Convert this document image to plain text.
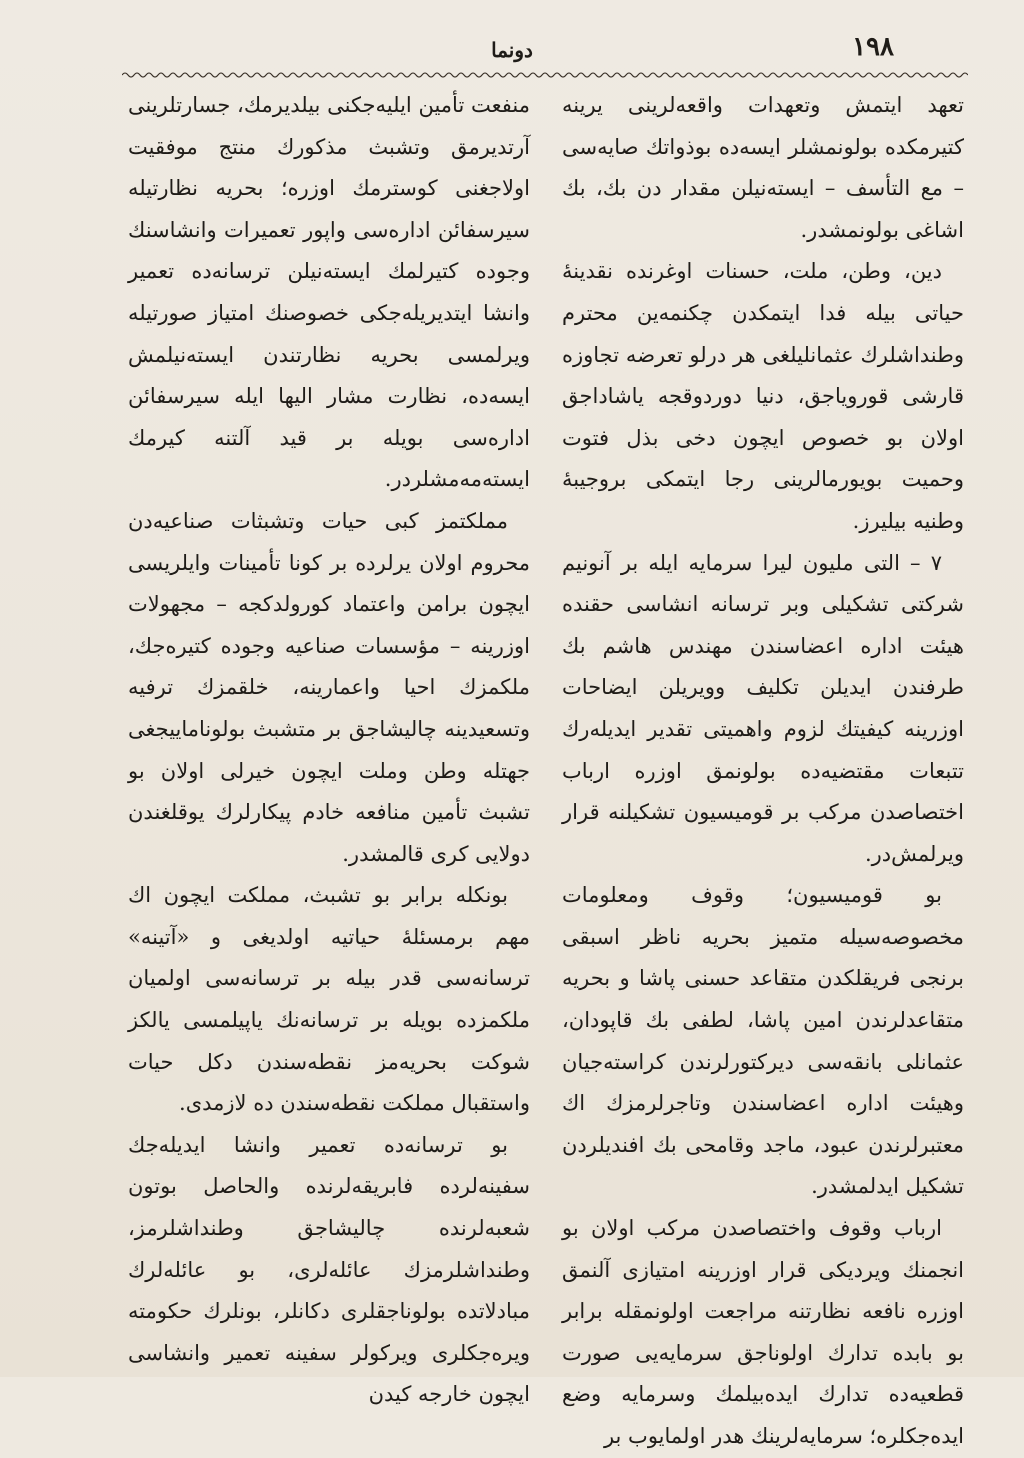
۱۹۸
دونما

تعهد ایتمش وتعهدات واقعه‌لرینی یرینه کتیرمکده بولونمشلر ایسه‌ده بوذواتك صایه‌سی – مع التأسف – ایسته‌نیلن مقدار دن بك، بك اشاغی بولونمشدر.

دین، وطن، ملت، حسنات اوغرنده نقدینهٔ حیاتی بیله فدا ایتمکدن چکنمه‌ین محترم وطنداشلرك عثمانلیلغی هر درلو تعرضه تجاوزه قارشی قورویاجق، دنیا دوردوقجه یاشاداجق اولان بو خصوص ایچون دخی بذل فتوت وحمیت بویورمالرینی رجا ایتمکی بروجیبهٔ وطنیه بیلیرز.

٧ – التی ملیون لیرا سرمایه ایله بر آنونیم شرکتی تشکیلی وبر ترسانه انشاسی حقنده هیئت اداره اعضاسندن مهندس هاشم بك طرفندن ایدیلن تکلیف وویریلن ایضاحات اوزرینه کیفیتك لزوم واهمیتی تقدیر ایدیله‌رك تتبعات مقتضیه‌ده بولونمق اوزره ارباب اختصاصدن مرکب بر قومیسیون تشکیلنه قرار ویرلمش‌در.

بو قومیسیون؛ وقوف ومعلومات مخصوصه‌سیله متمیز بحریه ناظر اسبقی برنجی فریقلکدن متقاعد حسنی پاشا و بحریه متقاعدلرندن امین پاشا، لطفی بك قاپودان، عثمانلی بانقه‌سی دیرکتورلرندن کراسته‌جیان وهیئت اداره اعضاسندن وتاجرلرمزك اك معتبرلرندن عبود، ماجد وقامحی بك افندیلردن تشکیل ایدلمشدر.

ارباب وقوف واختصاصدن مرکب اولان بو انجمنك ویردیکی قرار اوزرینه امتیازی آلنمق اوزره نافعه نظارتنه مراجعت اولونمقله برابر بو بابده تدارك اولوناجق سرمایه‌یی صورت قطعیه‌ده تدارك ایده‌بیلمك وسرمایه وضع ایده‌جکلره؛ سرمایه‌لرینك هدر اولمایوب بر

منفعت تأمین ایلیه‌جکنی بیلدیرمك، جسارتلرینی آرتدیرمق وتشبث مذکورك منتج موفقیت اولاجغنی کوسترمك اوزره؛ بحریه نظارتیله سیرسفائن اداره‌سی واپور تعمیرات وانشاسنك وجوده کتیرلمك ایسته‌نیلن ترسانه‌ده تعمیر وانشا ایتدیریله‌جکی خصوصنك امتیاز صورتیله ویرلمسی بحریه نظارتندن ایسته‌نیلمش ایسه‌ده، نظارت مشار الیها ایله سیرسفائن اداره‌سی بویله بر قید آلتنه کیرمك ایسته‌مه‌مشلردر.

مملکتمز کبی حیات وتشبثات صناعیه‌دن محروم اولان یرلرده بر کونا تأمینات وایلریسی ایچون برامن واعتماد کورولدکجه – مجهولات اوزرینه – مؤسسات صناعیه وجوده کتیره‌جك، ملکمزك احیا واعمارینه، خلقمزك ترفیه وتسعیدینه چالیشاجق بر متشبث بولوناماییجغی جهتله وطن وملت ایچون خیرلی اولان بو تشبث تأمین منافعه خادم پیکارلرك یوقلغندن دولایی کری قالمشدر.

بونکله برابر بو تشبث، مملکت ایچون اك مهم برمسئلهٔ حیاتیه اولدیغی و «آتینه» ترسانه‌سی قدر بیله بر ترسانه‌سی اولمیان ملکمزده بویله بر ترسانه‌نك یاپیلمسی یالکز شوکت بحریه‌مز نقطه‌سندن دکل حیات واستقبال مملکت نقطه‌سندن ده لازمدی.

بو ترسانه‌ده تعمیر وانشا ایدیله‌جك سفینه‌لرده فابریقه‌لرنده والحاصل بوتون شعبه‌لرنده چالیشاجق وطنداشلرمز، وطنداشلرمزك عائله‌لری، بو عائله‌لرك مبادلاتده بولوناجقلری دکانلر، بونلرك حکومته ویره‌جکلری ویرکولر سفینه تعمیر وانشاسی ایچون خارجه کیدن
